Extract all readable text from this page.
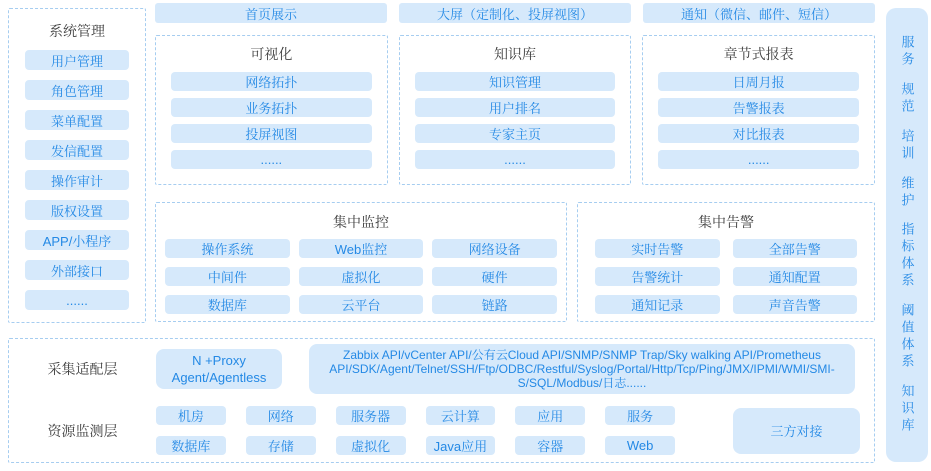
系统管理
用户管理
角色管理
菜单配置
发信配置
操作审计
版权设置
APP/小程序
外部接口
......
首页展示	大屏（定制化、投屏视图）	通知（微信、邮件、短信）
可视化
网络拓扑
业务拓扑
投屏视图
......
知识库
知识管理
用户排名
专家主页
......
章节式报表
日周月报
告警报表
对比报表
......
集中监控
操作系统	Web监控	网络设备
中间件	虚拟化	硬件
数据库	云平台	链路
集中告警
实时告警	全部告警
告警统计	通知配置
通知记录	声音告警
采集适配层
N +Proxy
Agent/Agentless
Zabbix API/vCenter API/公有云Cloud API/SNMP/SNMP Trap/Sky walking API/Prometheus API/SDK/Agent/Telnet/SSH/Ftp/ODBC/Restful/Syslog/Portal/Http/Tcp/Ping/JMX/IPMI/WMI/SMI-S/SQL/Modbus/日志......
资源监测层
机房	网络	服务器	云计算	应用	服务
数据库	存储	虚拟化	Java应用	容器	Web
三方对接
服务
规范
培训
维护
指标体系
阈值体系
知识库
